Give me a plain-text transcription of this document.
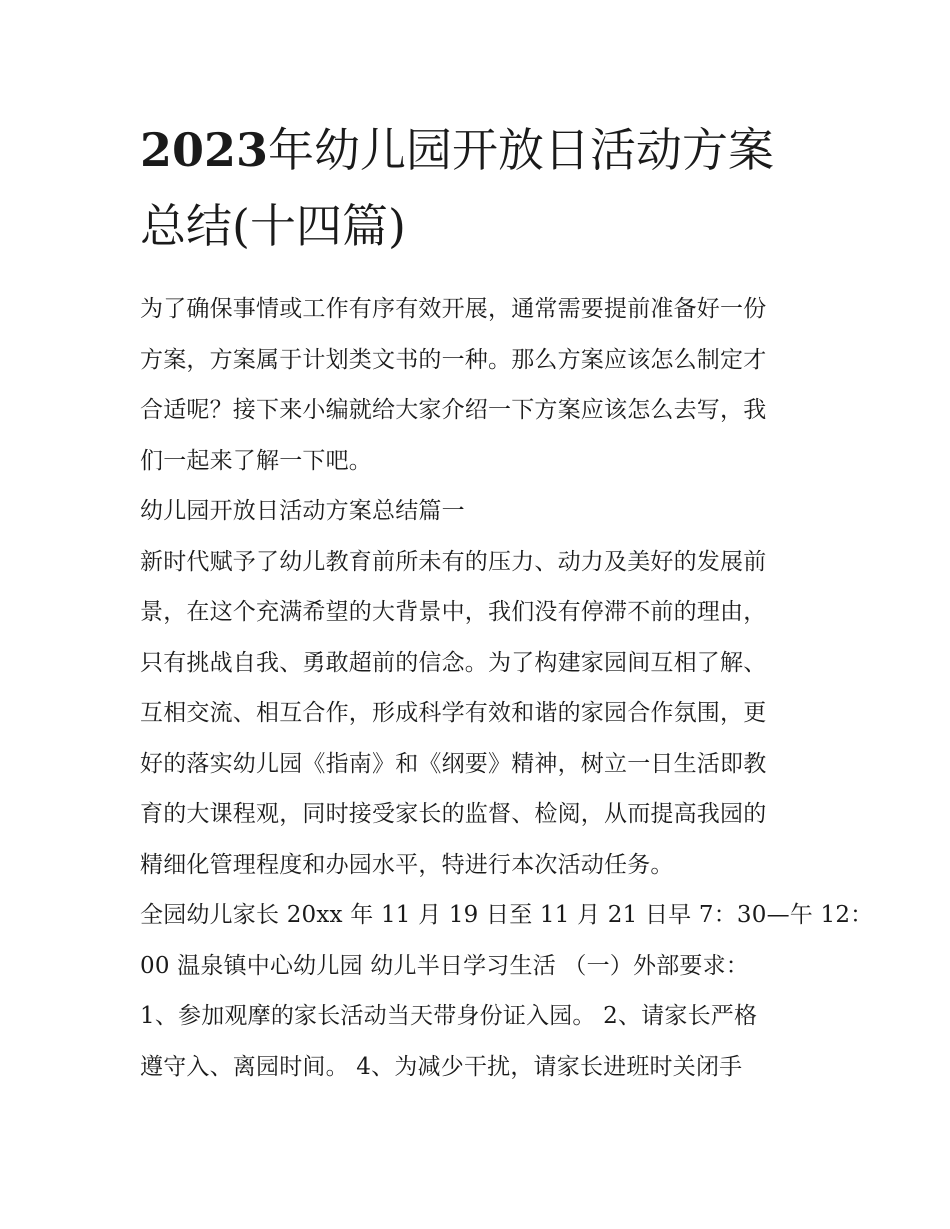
2023年幼儿园开放日活动方案
总结(十四篇)

为了确保事情或工作有序有效开展，通常需要提前准备好一份
方案，方案属于计划类文书的一种。那么方案应该怎么制定才
合适呢？接下来小编就给大家介绍一下方案应该怎么去写，我
们一起来了解一下吧。

幼儿园开放日活动方案总结篇一

新时代赋予了幼儿教育前所未有的压力、动力及美好的发展前
景，在这个充满希望的大背景中，我们没有停滞不前的理由，
只有挑战自我、勇敢超前的信念。为了构建家园间互相了解、
互相交流、相互合作，形成科学有效和谐的家园合作氛围，更
好的落实幼儿园《指南》和《纲要》精神，树立一日生活即教
育的大课程观，同时接受家长的监督、检阅，从而提高我园的
精细化管理程度和办园水平，特进行本次活动任务。

全园幼儿家长 20xx 年 11 月 19 日至 11 月 21 日早 7：30—午 12：
00 温泉镇中心幼儿园 幼儿半日学习生活 （一）外部要求：
1、参加观摩的家长活动当天带身份证入园。 2、请家长严格
遵守入、离园时间。 4、为减少干扰，请家长进班时关闭手
